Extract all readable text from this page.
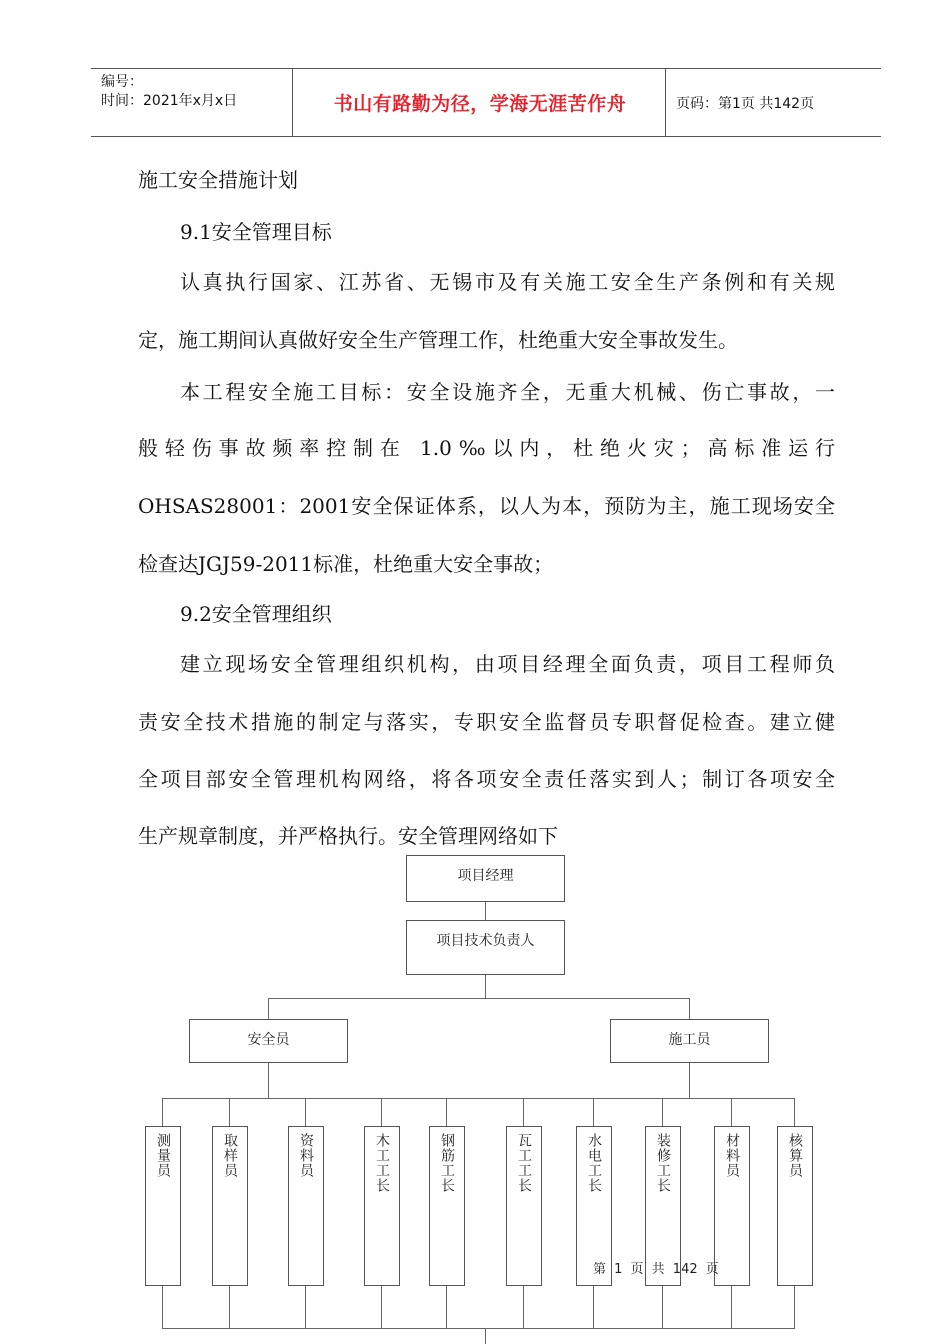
编号：
时间：2021年x月x日	书山有路勤为径，学海无涯苦作舟	页码：第1页 共142页
施工安全措施计划
9.1安全管理目标
认真执行国家、江苏省、无锡市及有关施工安全生产条例和有关规
定，施工期间认真做好安全生产管理工作，杜绝重大安全事故发生。
本工程安全施工目标：安全设施齐全，无重大机械、伤亡事故，一
般轻伤事故频率控制在 1.0‰以内，杜绝火灾；高标准运行
OHSAS28001：2001安全保证体系，以人为本，预防为主，施工现场安全
检查达JGJ59-2011标准，杜绝重大安全事故；
9.2安全管理组织
建立现场安全管理组织机构，由项目经理全面负责，项目工程师负
责安全技术措施的制定与落实，专职安全监督员专职督促检查。建立健
全项目部安全管理机构网络，将各项安全责任落实到人；制订各项安全
生产规章制度，并严格执行。安全管理网络如下
项目经理
项目技术负责人
安全员	施工员
测量员	取样员	资料员	木工工长	钢筋工长	瓦工工长	水电工长	装修工长	材料员	核算员
第 1 页 共 142 页
